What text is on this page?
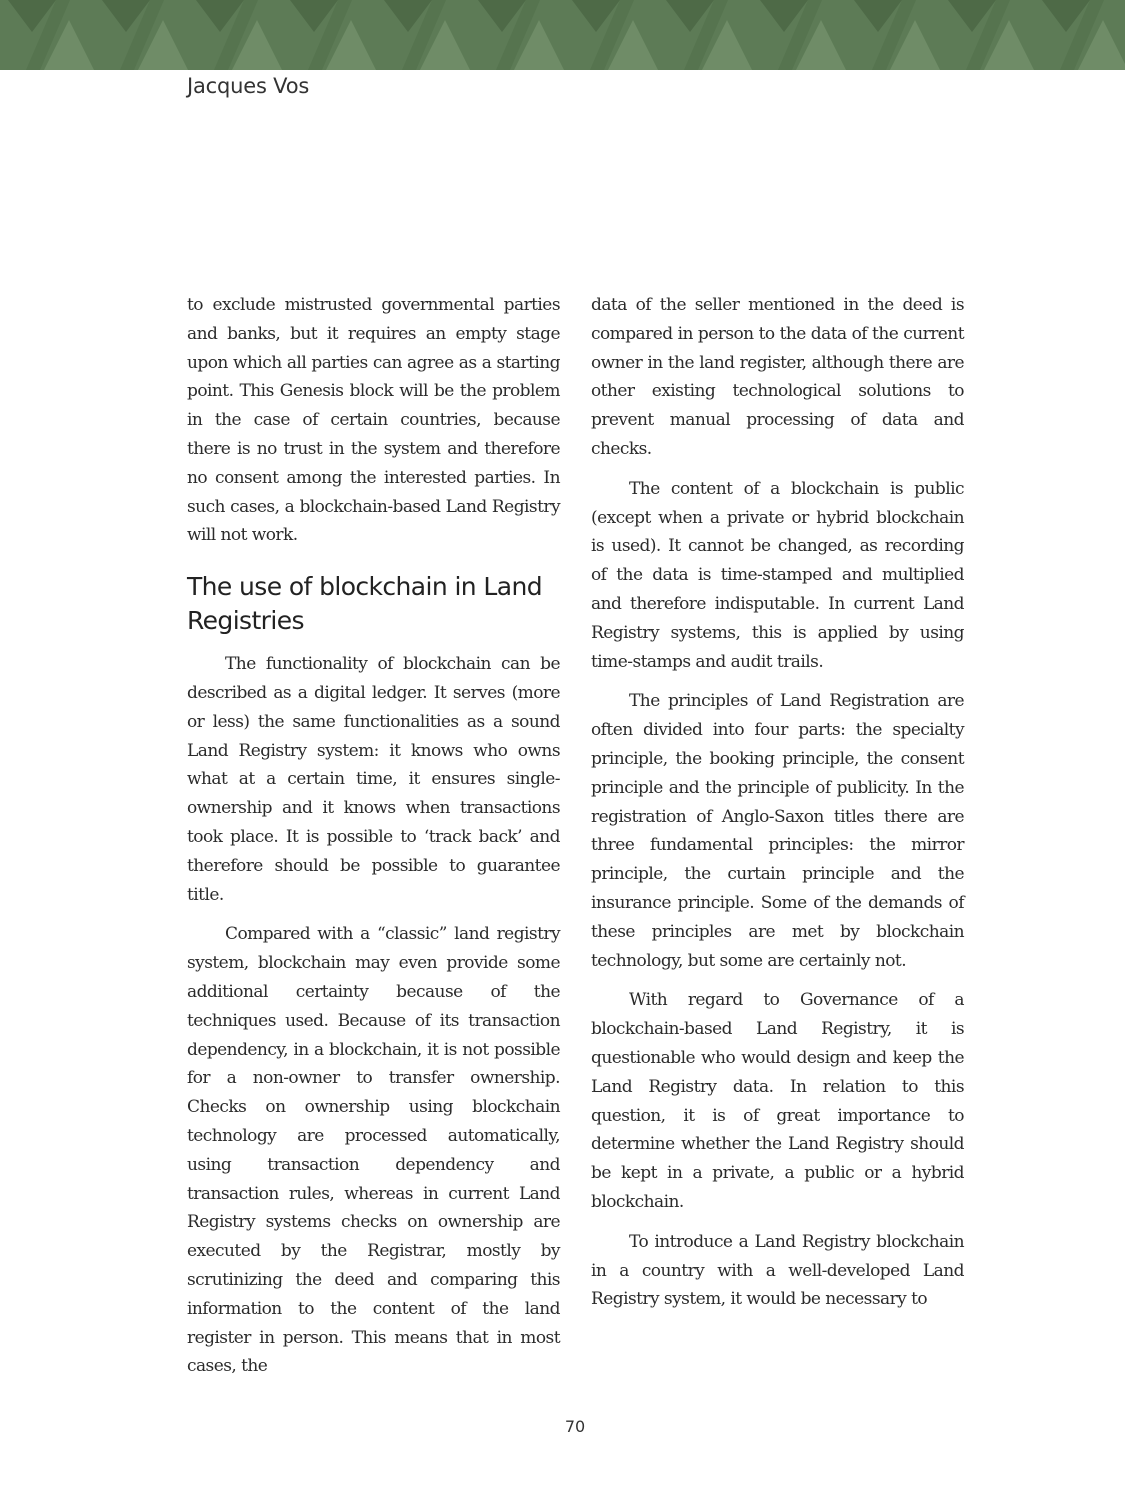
Jacques Vos

to exclude mistrusted governmental parties and banks, but it requires an empty stage upon which all parties can agree as a starting point. This Genesis block will be the problem in the case of certain countries, because there is no trust in the system and therefore no consent among the interested parties. In such cases, a blockchain-based Land Registry will not work.

The use of blockchain in Land Registries

The functionality of blockchain can be described as a digital ledger. It serves (more or less) the same functionalities as a sound Land Registry system: it knows who owns what at a certain time, it ensures single-ownership and it knows when transactions took place. It is possible to ‘track back’ and therefore should be possible to guarantee title.

Compared with a “classic” land registry system, blockchain may even provide some additional certainty because of the techniques used. Because of its transaction dependency, in a blockchain, it is not possible for a non-owner to transfer ownership. Checks on ownership using blockchain technology are processed automatically, using transaction dependency and transaction rules, whereas in current Land Registry systems checks on ownership are executed by the Registrar, mostly by scrutinizing the deed and comparing this information to the content of the land register in person. This means that in most cases, the

data of the seller mentioned in the deed is compared in person to the data of the current owner in the land register, although there are other existing technological solutions to prevent manual processing of data and checks.

The content of a blockchain is public (except when a private or hybrid blockchain is used). It cannot be changed, as recording of the data is time-stamped and multiplied and therefore indisputable. In current Land Registry systems, this is applied by using time-stamps and audit trails.

The principles of Land Registration are often divided into four parts: the specialty principle, the booking principle, the consent principle and the principle of publicity. In the registration of Anglo-Saxon titles there are three fundamental principles: the mirror principle, the curtain principle and the insurance principle. Some of the demands of these principles are met by blockchain technology, but some are certainly not.

With regard to Governance of a blockchain-based Land Registry, it is questionable who would design and keep the Land Registry data. In relation to this question, it is of great importance to determine whether the Land Registry should be kept in a private, a public or a hybrid blockchain.

To introduce a Land Registry blockchain in a country with a well-developed Land Registry system, it would be necessary to

70
